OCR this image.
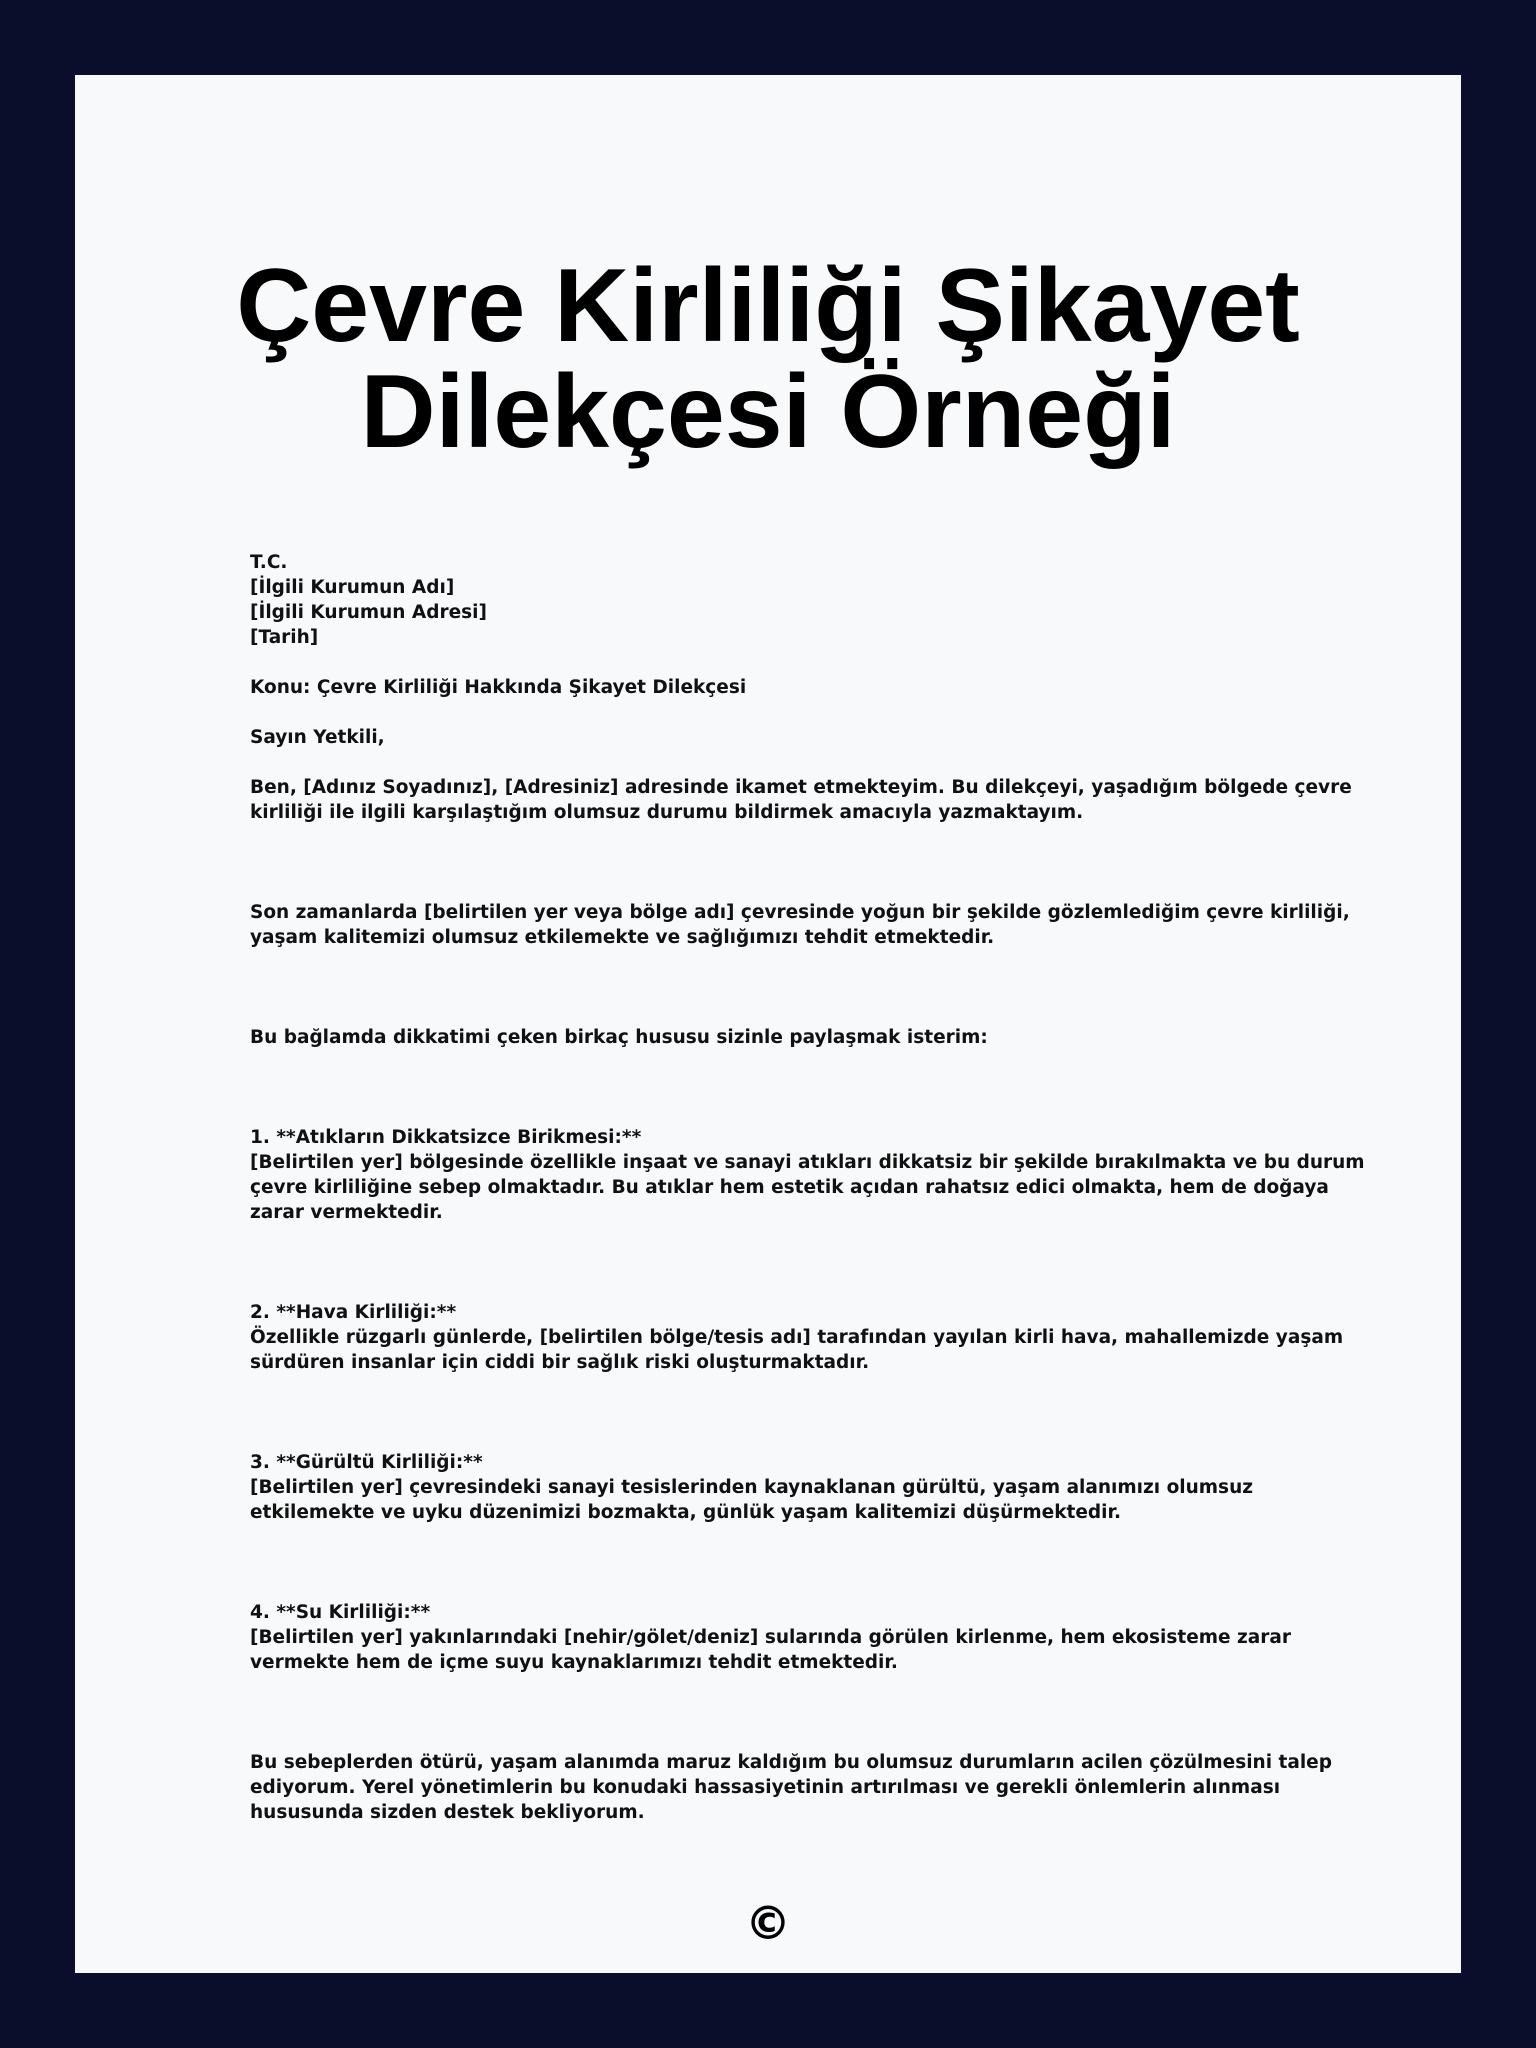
Çevre Kirliliği Şikayet
Dilekçesi Örneği
T.C.
[İlgili Kurumun Adı]
[İlgili Kurumun Adresi]
[Tarih]
Konu: Çevre Kirliliği Hakkında Şikayet Dilekçesi
Sayın Yetkili,
Ben, [Adınız Soyadınız], [Adresiniz] adresinde ikamet etmekteyim. Bu dilekçeyi, yaşadığım bölgede çevre
kirliliği ile ilgili karşılaştığım olumsuz durumu bildirmek amacıyla yazmaktayım.
Son zamanlarda [belirtilen yer veya bölge adı] çevresinde yoğun bir şekilde gözlemlediğim çevre kirliliği,
yaşam kalitemizi olumsuz etkilemekte ve sağlığımızı tehdit etmektedir.
Bu bağlamda dikkatimi çeken birkaç hususu sizinle paylaşmak isterim:
1. **Atıkların Dikkatsizce Birikmesi:**
[Belirtilen yer] bölgesinde özellikle inşaat ve sanayi atıkları dikkatsiz bir şekilde bırakılmakta ve bu durum
çevre kirliliğine sebep olmaktadır. Bu atıklar hem estetik açıdan rahatsız edici olmakta, hem de doğaya
zarar vermektedir.
2. **Hava Kirliliği:**
Özellikle rüzgarlı günlerde, [belirtilen bölge/tesis adı] tarafından yayılan kirli hava, mahallemizde yaşam
sürdüren insanlar için ciddi bir sağlık riski oluşturmaktadır.
3. **Gürültü Kirliliği:**
[Belirtilen yer] çevresindeki sanayi tesislerinden kaynaklanan gürültü, yaşam alanımızı olumsuz
etkilemekte ve uyku düzenimizi bozmakta, günlük yaşam kalitemizi düşürmektedir.
4. **Su Kirliliği:**
[Belirtilen yer] yakınlarındaki [nehir/gölet/deniz] sularında görülen kirlenme, hem ekosisteme zarar
vermekte hem de içme suyu kaynaklarımızı tehdit etmektedir.
Bu sebeplerden ötürü, yaşam alanımda maruz kaldığım bu olumsuz durumların acilen çözülmesini talep
ediyorum. Yerel yönetimlerin bu konudaki hassasiyetinin artırılması ve gerekli önlemlerin alınması
hususunda sizden destek bekliyorum.
©
